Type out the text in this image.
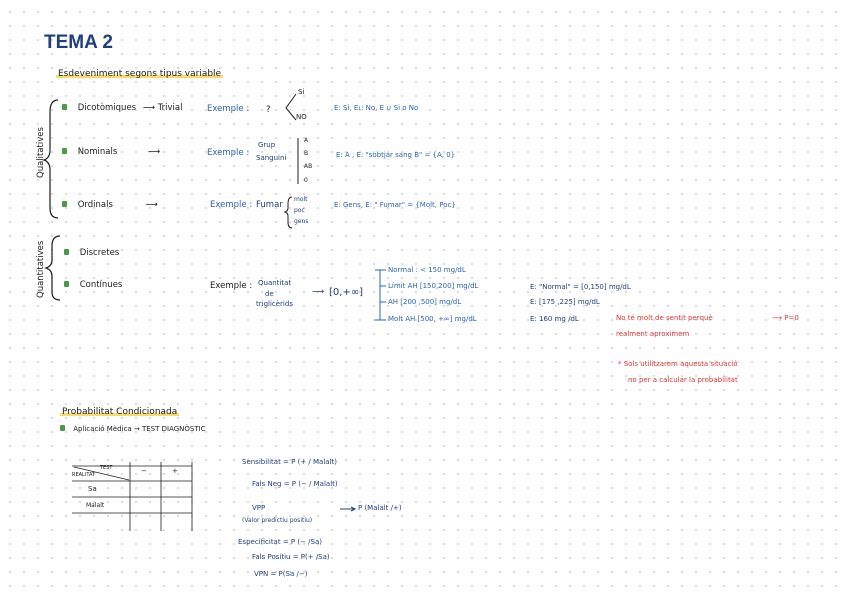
TEMA 2
Esdeveniment segons tipus variable
Qualitatives
Quantitatives
Dicotòmiques ⟶ Trivial	Exemple : ?
Si
NO
E: Si, E₁: No, E ∪ Si o No
Nominals	⟶	Exemple :
Grup
Sanguini
A
B
AB
0
E: A , E: "sobtjar sang B" = {A, 0}
Ordinals	⟶	Exemple : Fumar
molt
poc
gens
E: Gens, E: " Fumar" = {Molt, Poc}
Discretes
Contínues	Exemple : Quantitat
de
triglicèrids
⟶ [0,+∞]
Normal : < 150 mg/dL
Límit AH [150,200] mg/dL
AH [200 ,500] mg/dL
Molt AH [500, +∞] mg/dL
E: "Normal" = [0,150] mg/dL
E: [175 ,225] mg/dL
E: 160 mg /dL	No té molt de sentit perquè
realment aproximem
⟶ P=0
* Sols utilitzarem aquesta situació
no per a calcular la probabilitat
Probabilitat Condicionada
Aplicació Mèdica → TEST DIAGNÒSTIC
TEST
REALITAT	−	+
Sa
Malalt
Sensibilitat = P (+ / Malalt)
Fals Neg = P (− / Malalt)
VPP
(Valor predictiu positiu)
P (Malalt /+)
Especificitat = P (− /Sa)
Fals Positiu = P(+ /Sa)
VPN = P(Sa /−)
